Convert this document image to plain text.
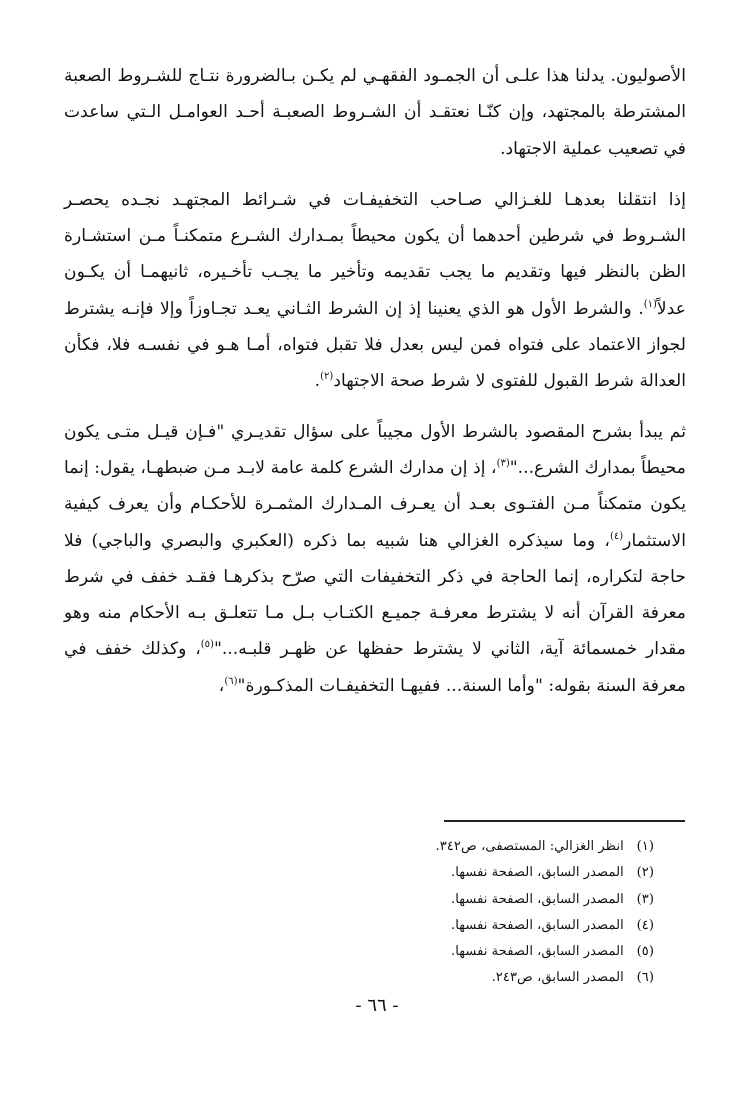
الأصوليون. يدلنا هذا علـى أن الجمـود الفقهـي لم يكـن بـالضرورة نتـاج للشـروط الصعبة المشترطة بالمجتهد، وإن كنّـا نعتقـد أن الشـروط الصعبـة أحـد العوامـل الـتي ساعدت في تصعيب عملية الاجتهاد.

إذا انتقلنا بعدهـا للغـزالي صـاحب التخفيفـات في شـرائط المجتهـد نجـده يحصـر الشـروط في شرطين أحدهما أن يكون محيطاً بمـدارك الشـرع متمكنـاً مـن استشـارة الظن بالنظر فيها وتقديم ما يجب تقديمه وتأخير ما يجـب تأخـيره، ثانيهمـا أن يكـون عدلاً$^{(١)}$. والشرط الأول هو الذي يعنينا إذ إن الشرط الثـاني يعـد تجـاوزاً وإلا فإنـه يشترط لجواز الاعتماد على فتواه فمن ليس بعدل فلا تقبل فتواه، أمـا هـو في نفسـه فلا، فكأن العدالة شرط القبول للفتوى لا شرط صحة الاجتهاد$^{(٢)}$.

ثم يبدأ بشرح المقصود بالشرط الأول مجيباً على سؤال تقديـري "فـإن قيـل متـى يكون محيطاً بمدارك الشرع..."$^{(٣)}$، إذ إن مدارك الشرع كلمة عامة لابـد مـن ضبطهـا، يقول: إنما يكون متمكناً مـن الفتـوى بعـد أن يعـرف المـدارك المثمـرة للأحكـام وأن يعرف كيفية الاستثمار$^{(٤)}$، وما سيذكره الغزالي هنا شبيه بما ذكره (العكبري والبصري والباجي) فلا حاجة لتكراره، إنما الحاجة في ذكر التخفيفات التي صرّح بذكرهـا فقـد خفف في شرط معرفة القرآن أنه لا يشترط معرفـة جميـع الكتـاب بـل مـا تتعلـق بـه الأحكام منه وهو مقدار خمسمائة آية، الثاني لا يشترط حفظها عن ظهـر قلبـه..."$^{(٥)}$، وكذلك خفف في معرفة السنة بقوله: "وأما السنة... ففيهـا التخفيفـات المذكـورة"$^{(٦)}$،

(١) انظر الغزالي: المستصفى، ص٣٤٢.
(٢) المصدر السابق، الصفحة نفسها.
(٣) المصدر السابق، الصفحة نفسها.
(٤) المصدر السابق، الصفحة نفسها.
(٥) المصدر السابق، الصفحة نفسها.
(٦) المصدر السابق، ص٢٤٣.
- ٦٦ -
